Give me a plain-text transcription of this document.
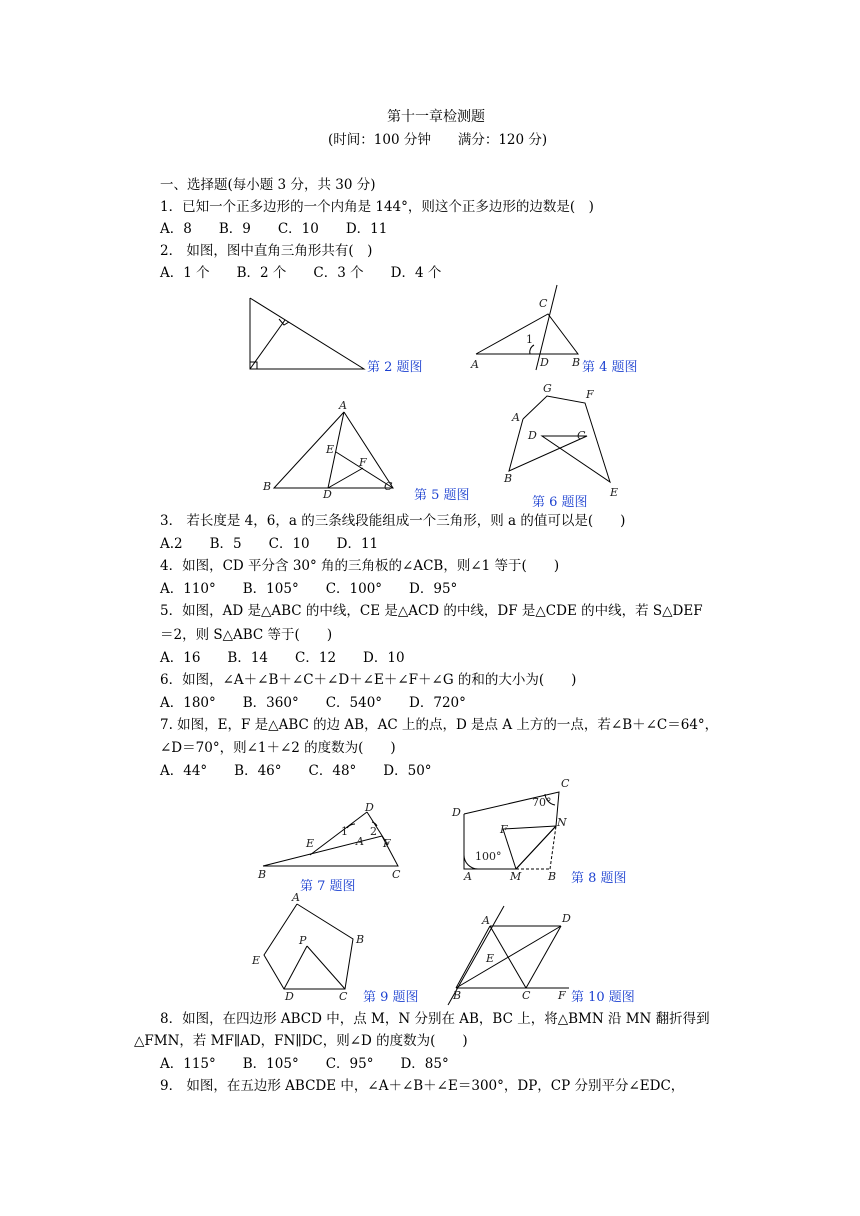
第十一章检测题
(时间：100 分钟　　满分：120 分)
一、选择题(每小题 3 分，共 30 分)
1．已知一个正多边形的一个内角是 144°，则这个正多边形的边数是(　)
A．8　　B．9　　C．10　　D．11
2． 如图，图中直角三角形共有(　)
A．1 个　　B．2 个　　C．3 个　　D．4 个
第 2 题图
C
1
A	D B 第 4 题图
A
E
F
B
D
C
第 5 题图
G	F
A
D	C
B
E
第 6 题图
3． 若长度是 4，6，a 的三条线段能组成一个三角形，则 a 的值可以是(　　)
A.2　　B．5　　C．10　　D．11
4．如图，CD 平分含 30° 角的三角板的∠ACB，则∠1 等于(　　)
A．110°　　B．105°　　C．100°　　D．95°
5．如图，AD 是△ABC 的中线，CE 是△ACD 的中线，DF 是△CDE 的中线，若 S△DEF
＝2，则 S△ABC 等于(　　)
A．16　　B．14　　C．12　　D．10
6．如图，∠A＋∠B＋∠C＋∠D＋∠E＋∠F＋∠G 的和的大小为(　　)
A．180°　　B．360°　　C．540°　　D．720°
7. 如图，E，F 是△ABC 的边 AB，AC 上的点，D 是点 A 上方的一点，若∠B＋∠C＝64°，
∠D＝70°，则∠1＋∠2 的度数为(　　)
A．44°　　B．46°　　C．48°　　D．50°
D
1 2
E	A F
B	C
第 7 题图
C
70°
D
F
N
100°
A	M B 第 8 题图
A
P	B
E
D	C 第 9 题图
A	D
E
B	C	F 第 10 题图
8．如图，在四边形 ABCD 中，点 M，N 分别在 AB，BC 上，将△BMN 沿 MN 翻折得到
△FMN，若 MF∥AD，FN∥DC，则∠D 的度数为(　　)
A．115°　　B．105°　　C．95°　　D．85°
9． 如图，在五边形 ABCDE 中，∠A＋∠B＋∠E＝300°，DP，CP 分别平分∠EDC，
